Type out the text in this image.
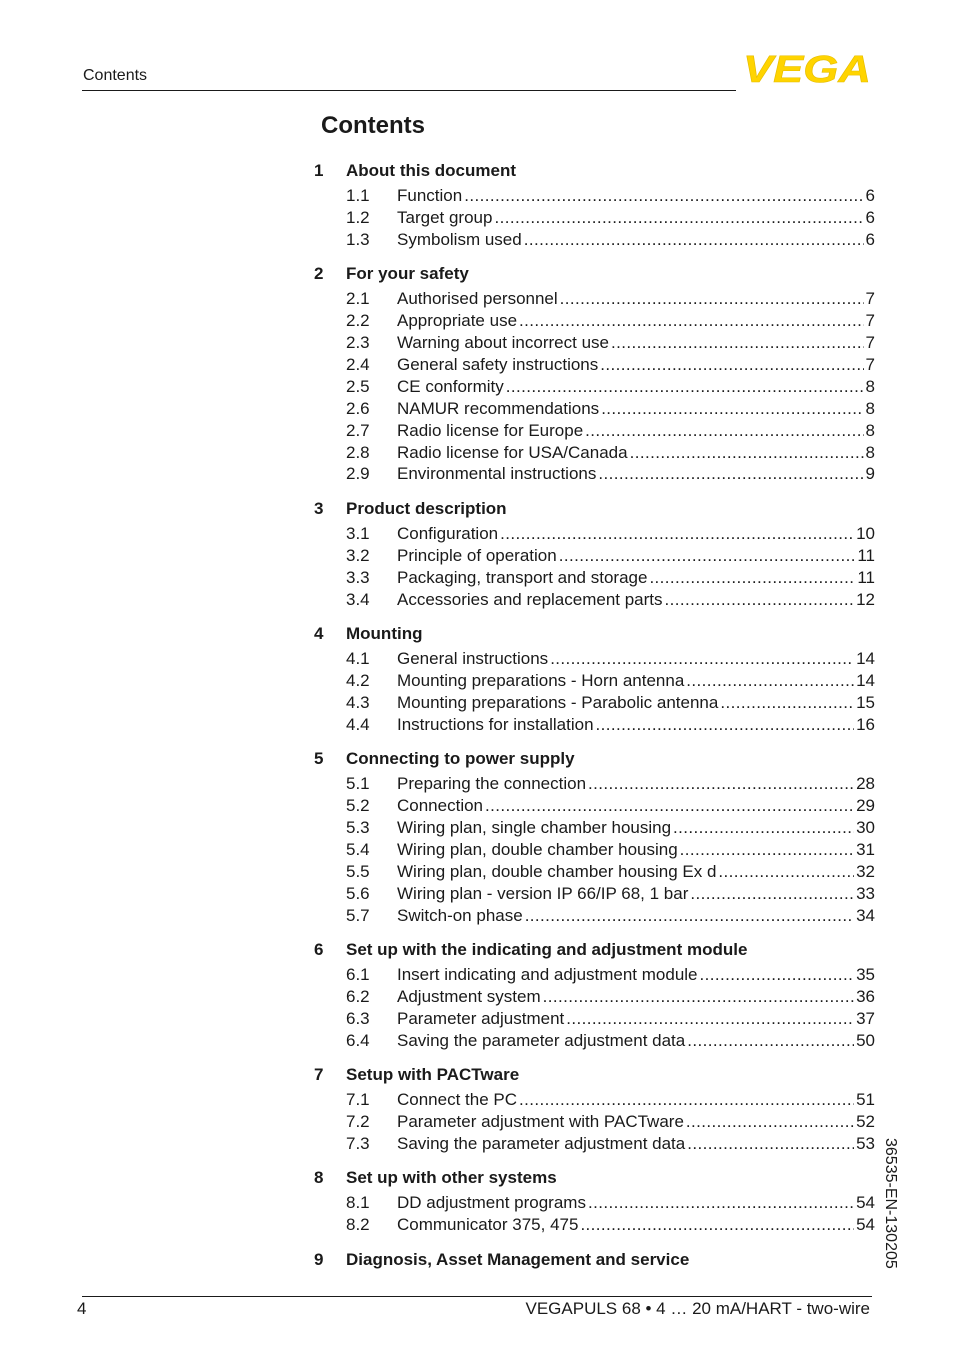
Contents	VEGA
Contents
1	About this document
1.1	Function .....	6
1.2	Target group .....	6
1.3	Symbolism used .....	6
2	For your safety
2.1	Authorised personnel .....	7
2.2	Appropriate use .....	7
2.3	Warning about incorrect use .....	7
2.4	General safety instructions .....	7
2.5	CE conformity .....	8
2.6	NAMUR recommendations .....	8
2.7	Radio license for Europe .....	8
2.8	Radio license for USA/Canada .....	8
2.9	Environmental instructions .....	9
3	Product description
3.1	Configuration .....	10
3.2	Principle of operation .....	11
3.3	Packaging, transport and storage .....	11
3.4	Accessories and replacement parts .....	12
4	Mounting
4.1	General instructions .....	14
4.2	Mounting preparations - Horn antenna .....	14
4.3	Mounting preparations - Parabolic antenna .....	15
4.4	Instructions for installation .....	16
5	Connecting to power supply
5.1	Preparing the connection .....	28
5.2	Connection .....	29
5.3	Wiring plan, single chamber housing .....	30
5.4	Wiring plan, double chamber housing .....	31
5.5	Wiring plan, double chamber housing Ex d .....	32
5.6	Wiring plan - version IP 66/IP 68, 1 bar .....	33
5.7	Switch-on phase .....	34
6	Set up with the indicating and adjustment module
6.1	Insert indicating and adjustment module .....	35
6.2	Adjustment system .....	36
6.3	Parameter adjustment .....	37
6.4	Saving the parameter adjustment data .....	50
7	Setup with PACTware
7.1	Connect the PC .....	51
7.2	Parameter adjustment with PACTware .....	52
7.3	Saving the parameter adjustment data .....	53
8	Set up with other systems
8.1	DD adjustment programs .....	54
8.2	Communicator 375, 475 .....	54
9	Diagnosis, Asset Management and service	36535-EN-130205
4	VEGAPULS 68 • 4 … 20 mA/HART - two-wire
